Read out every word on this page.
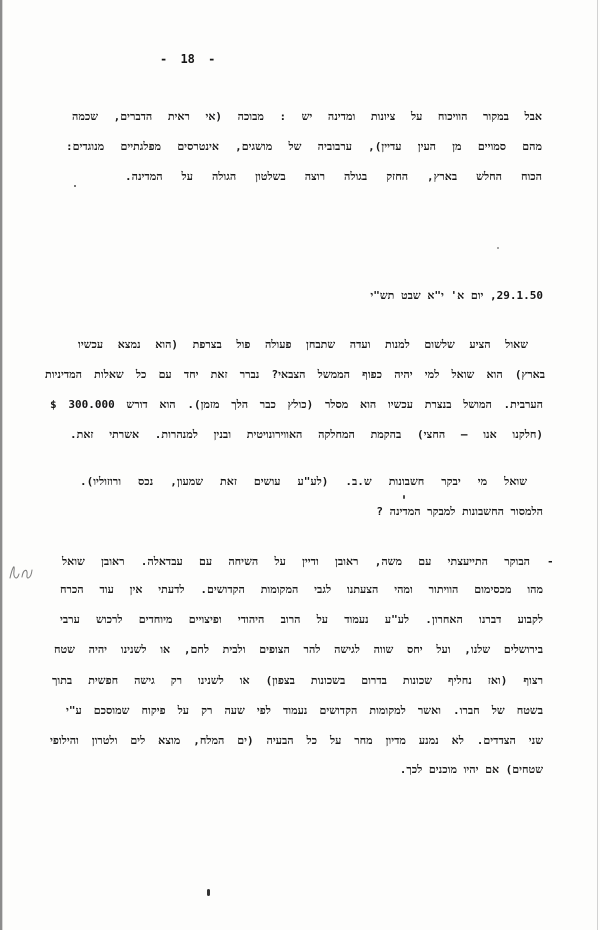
- 18 -
אבל במקור הוויכוח על ציונות ומדינה יש : מבוכה (אי ראית הדברים, שכמה
מהם סמויים מן העין עדיין), ערבוביה של מושגים, אינטרסים מפלגתיים מנוגדים:
הכוח החלש בארץ, החזק בגולה רוצה בשלטון הגולה על המדינה.
29.1.50, יום א' י"א שבט תש"י
שאול הציע שלשום למנות ועדה שתבחן פעולה פול בצרפת (הוא נמצא עכשיו
בארץ) הוא שואל למי יהיה כפוף הממשל הצבאי? נברר זאת יחד עם כל שאלות המדיניות
הערבית. המושל בנצרת עכשיו הוא מסלר (כולץ כבר הלך מזמן). הוא דורש 300.000 $
(חלקנו אנו – החצי) בהקמת המחלקה האווירונויטית ובנין למנהרות. אשרתי זאת.
שואל מי יבקר חשבונות ש.ב. (לע"ע עושים זאת שמעון, נכס ורוזוליו).
הלמסור החשבונות למבקר המדינה ?
-
הבוקר התייעצתי עם משה, ראובן ודיין על השיחה עם עבדאלה. ראובן שואל
מהו מכסימום הוויתור ומהי הצעתנו לגבי המקומות הקדושים. לדעתי אין עוד הכרח
לקבוע דברנו האחרון. לע"ע נעמוד על הרוב היהודי ופיצויים מיוחדים לרכוש ערבי
בירושלים שלנו, ועל יחס שווה לגישה להר הצופים ולבית לחם, או לשנינו יהיה שטח
רצוף (ואז נחליף שכונות בדרום בשכונות בצפון) או לשנינו רק גישה חפשית בתוך
בשטח של חברו. ואשר למקומות הקדושים נעמוד לפי שעה רק על פיקוח שמוסכם ע"י
שני הצדדים. לא נמנע מדיון מחר על כל הבעיה (ים המלח, מוצא לים ולטרון והילופי
שטחים) אם יהיו מוכנים לכך.
